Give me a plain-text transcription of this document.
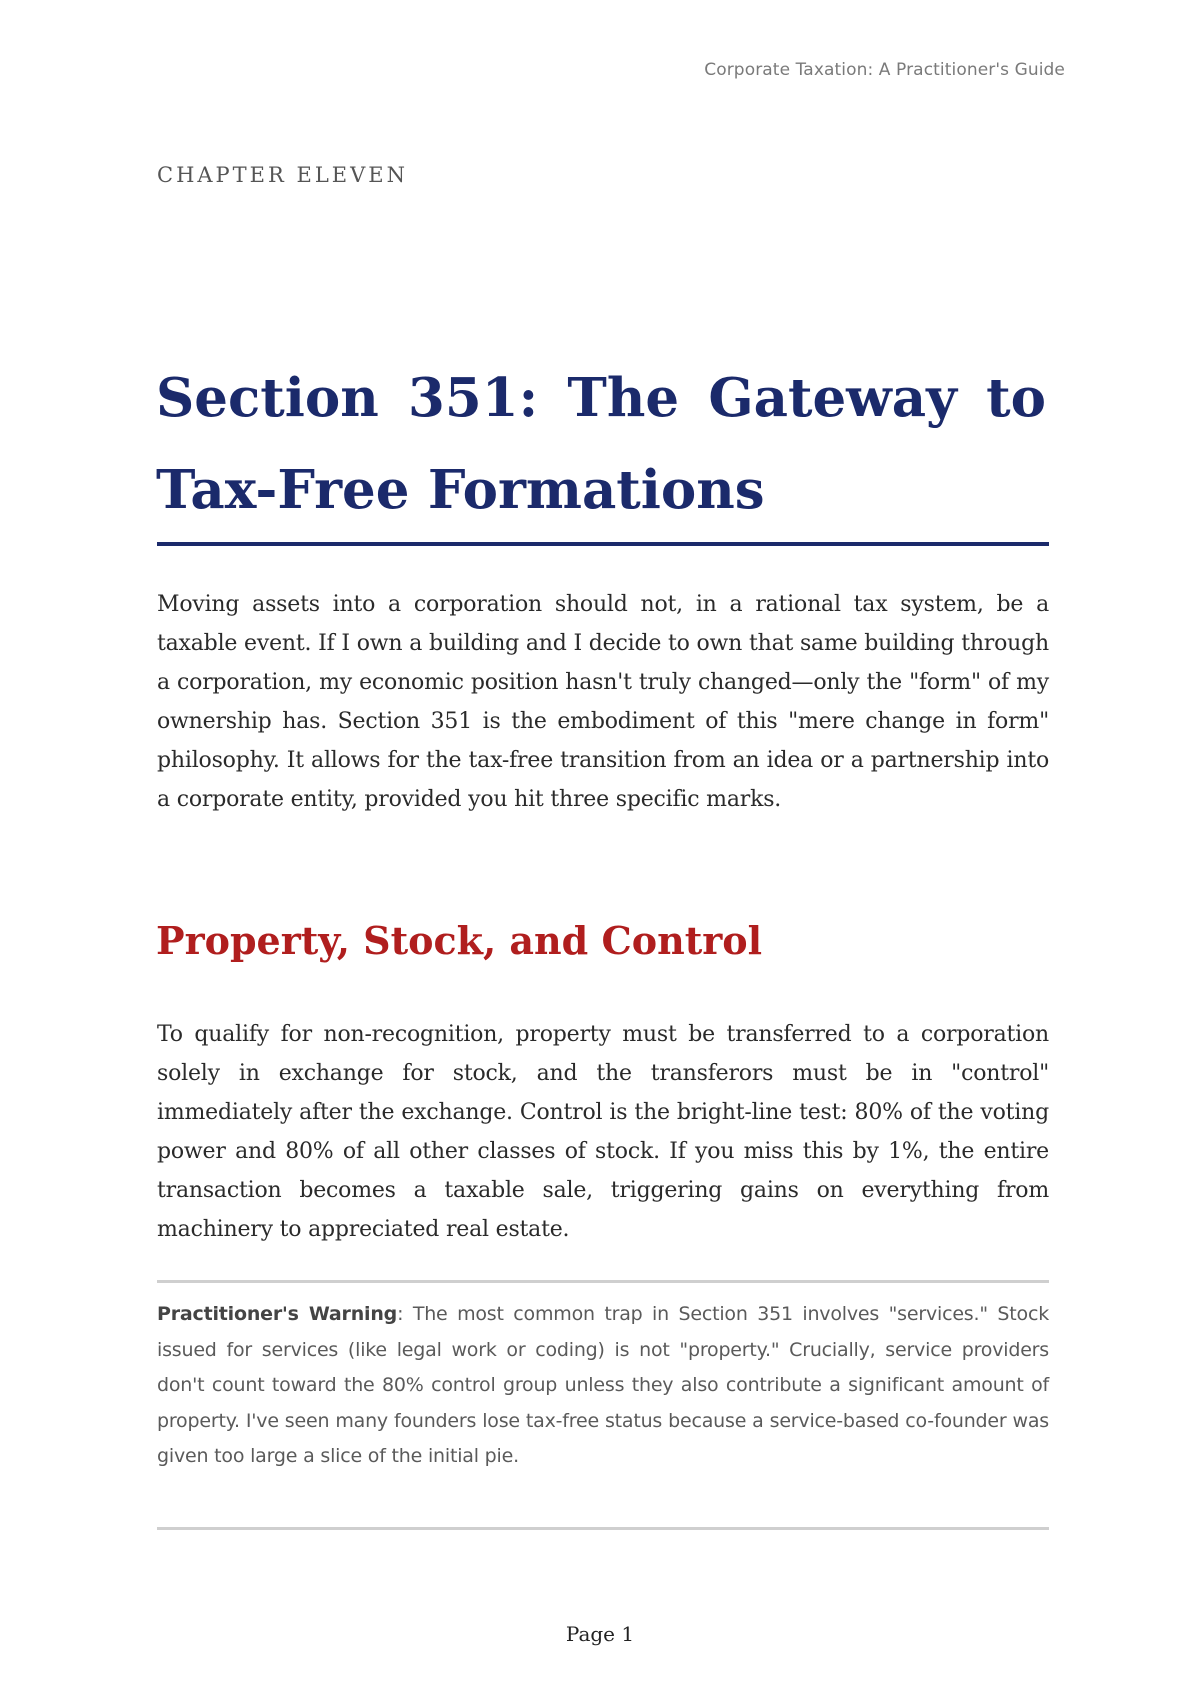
Corporate Taxation: A Practitioner's Guide
CHAPTER ELEVEN
Section 351: The Gateway to Tax-Free Formations

Moving assets into a corporation should not, in a rational tax system, be a taxable event. If I own a building and I decide to own that same building through a corporation, my economic position hasn't truly changed—only the "form" of my ownership has. Section 351 is the embodiment of this "mere change in form" philosophy. It allows for the tax-free transition from an idea or a partnership into a corporate entity, provided you hit three specific marks.

Property, Stock, and Control

To qualify for non-recognition, property must be transferred to a corporation solely in exchange for stock, and the transferors must be in "control" immediately after the exchange. Control is the bright-line test: 80% of the voting power and 80% of all other classes of stock. If you miss this by 1%, the entire transaction becomes a taxable sale, triggering gains on everything from machinery to appreciated real estate.

Practitioner's Warning: The most common trap in Section 351 involves "services." Stock issued for services (like legal work or coding) is not "property." Crucially, service providers don't count toward the 80% control group unless they also contribute a significant amount of property. I've seen many founders lose tax-free status because a service-based co-founder was given too large a slice of the initial pie.

Page 1
